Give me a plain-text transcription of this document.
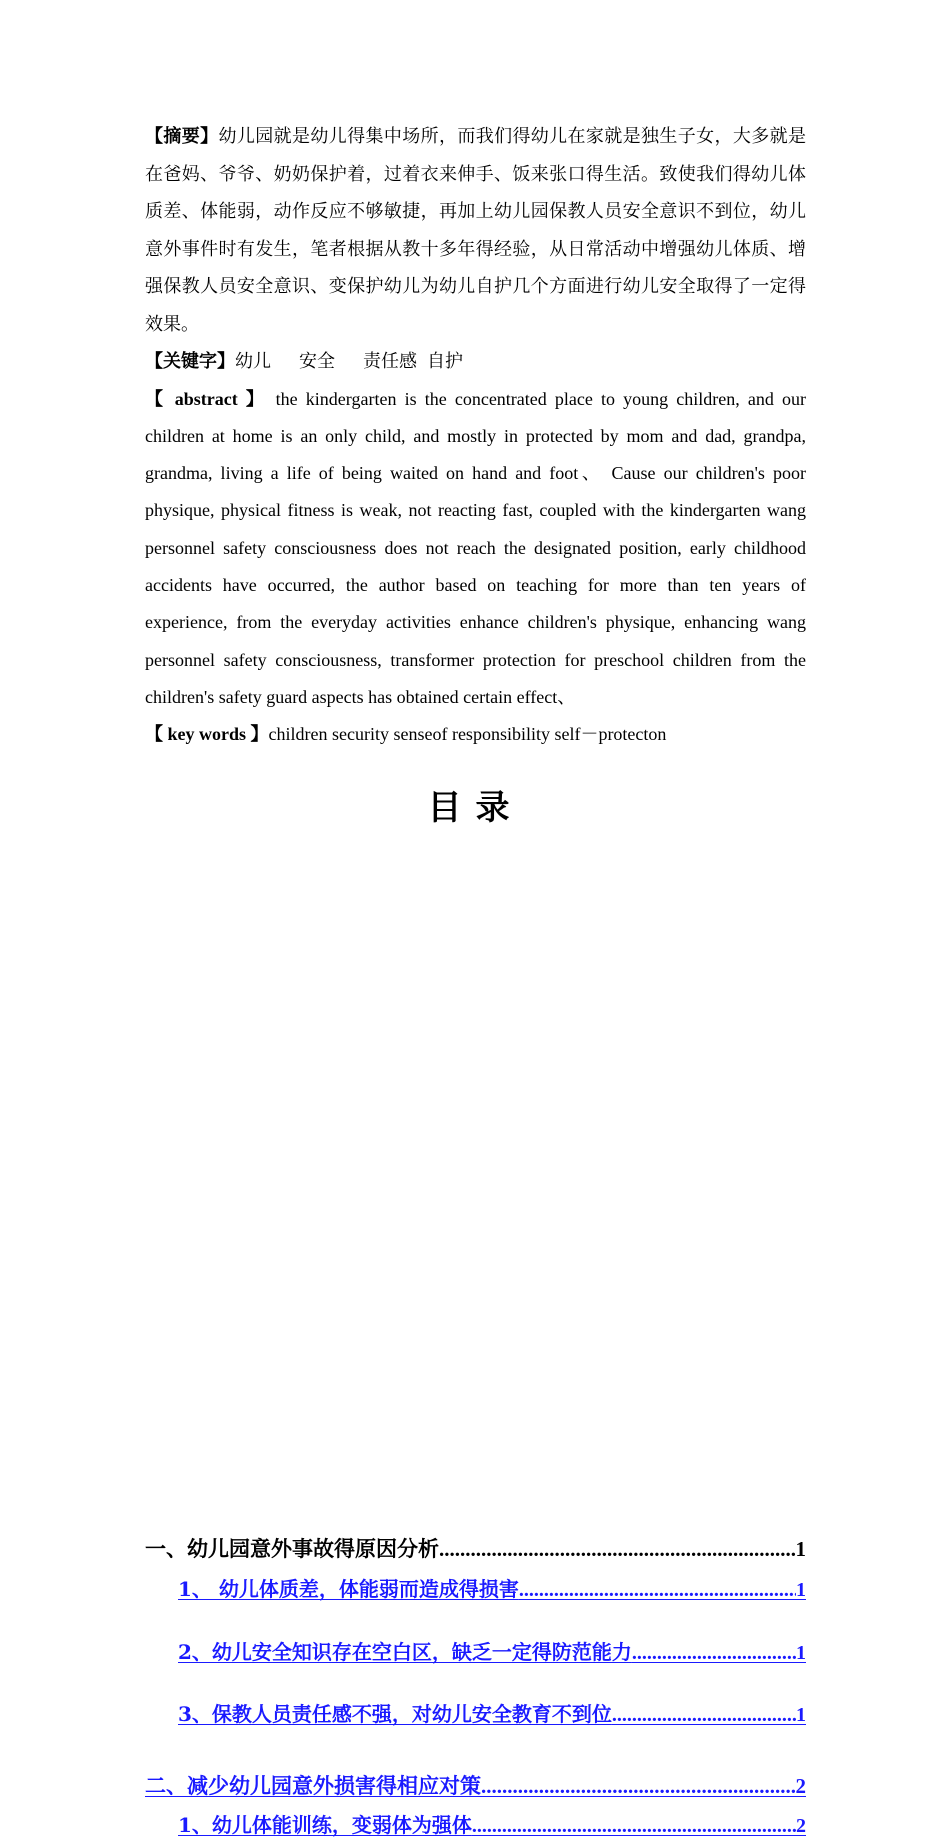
【摘要】幼儿园就是幼儿得集中场所，而我们得幼儿在家就是独生子女，大多就是在爸妈、爷爷、奶奶保护着，过着衣来伸手、饭来张口得生活。致使我们得幼儿体质差、体能弱，动作反应不够敏捷，再加上幼儿园保教人员安全意识不到位，幼儿意外事件时有发生，笔者根据从教十多年得经验，从日常活动中增强幼儿体质、增强保教人员安全意识、变保护幼儿为幼儿自护几个方面进行幼儿安全取得了一定得效果。

【关键字】幼儿 安全 责任感 自护

【 abstract 】 the kindergarten is the concentrated place to young children, and our children at home is an only child, and mostly in protected by mom and dad, grandpa, grandma, living a life of being waited on hand and foot、 Cause our children's poor physique, physical fitness is weak, not reacting fast, coupled with the kindergarten wang personnel safety consciousness does not reach the designated position, early childhood accidents have occurred, the author based on teaching for more than ten years of experience, from the everyday activities enhance children's physique, enhancing wang personnel safety consciousness, transformer protection for preschool children from the children's safety guard aspects has obtained certain effect、

【 key words 】children security senseof responsibility self－protecton

目录
一、幼儿园意外事故得原因分析 .....	1
1、 幼儿体质差，体能弱而造成得损害 .....	1
2、幼儿安全知识存在空白区，缺乏一定得防范能力 .....	1
3、保教人员责任感不强，对幼儿安全教育不到位 .....	1
二、减少幼儿园意外损害得相应对策 .....	2
1、幼儿体能训练，变弱体为强体 .....	2
